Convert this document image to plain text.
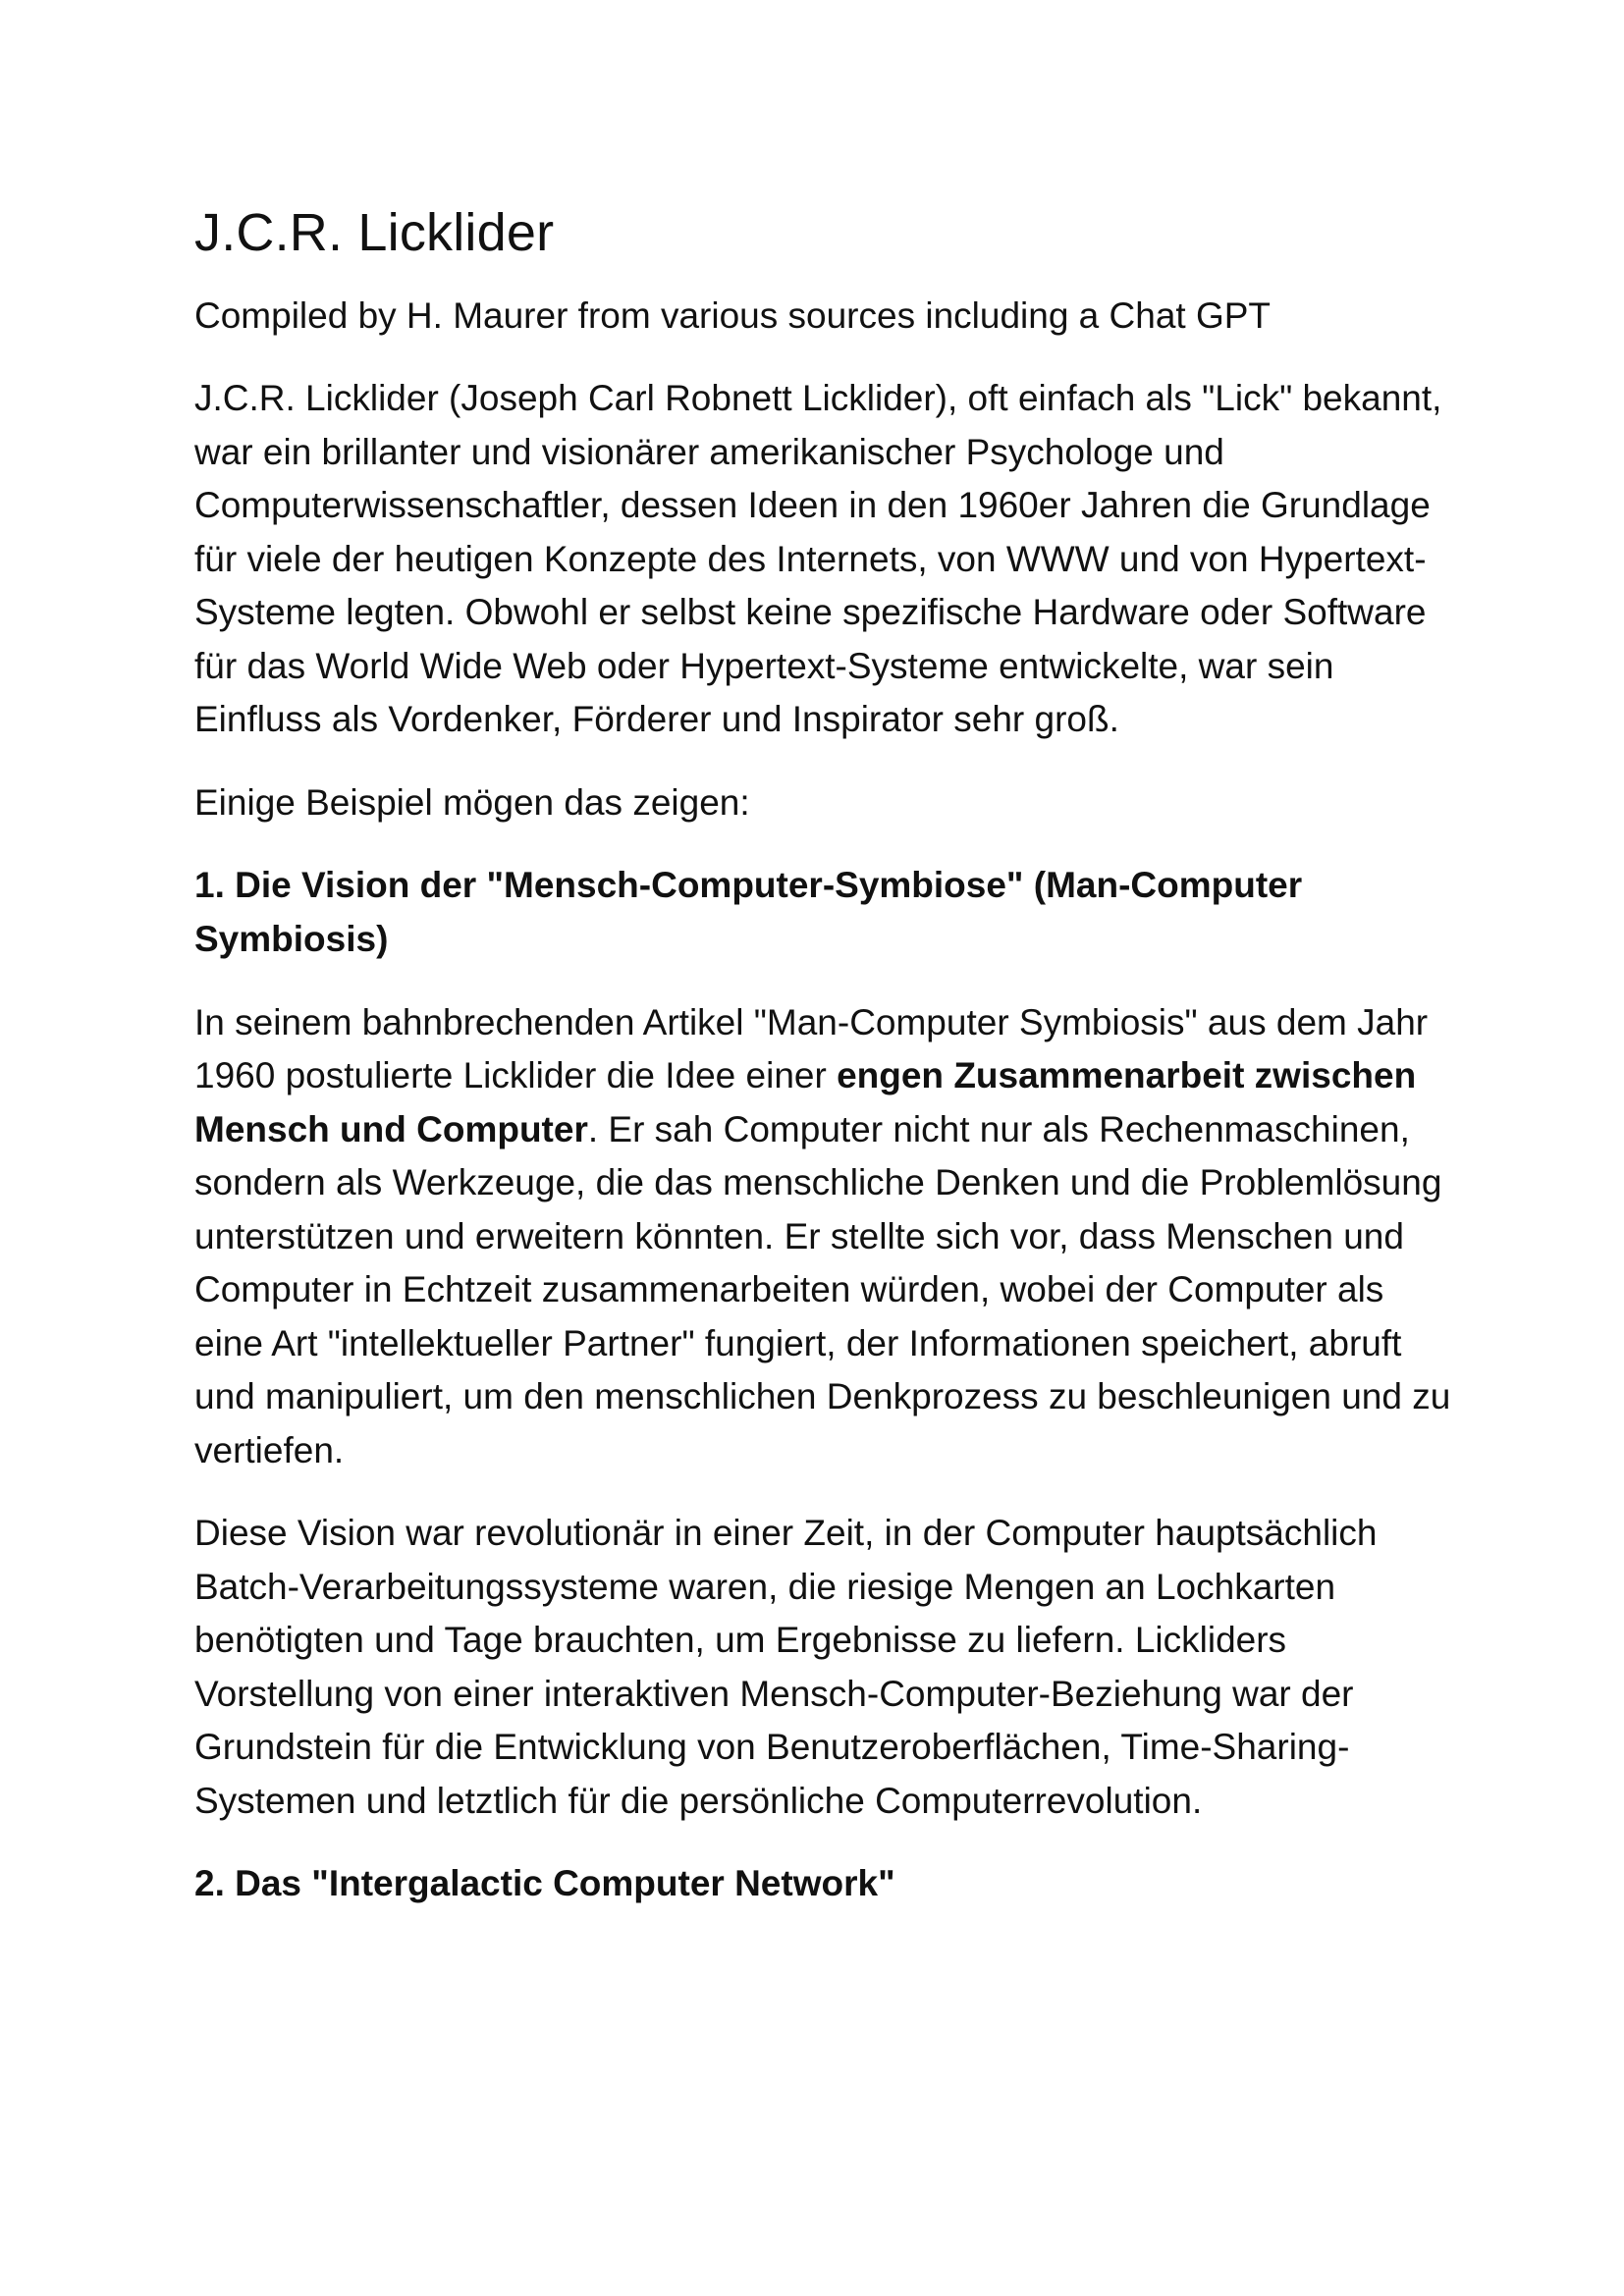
J.C.R. Licklider

Compiled by H. Maurer from various sources including a Chat GPT

J.C.R. Licklider (Joseph Carl Robnett Licklider), oft einfach als "Lick" bekannt, war ein brillanter und visionärer amerikanischer Psychologe und Computerwissenschaftler, dessen Ideen in den 1960er Jahren die Grundlage für viele der heutigen Konzepte des Internets, von WWW und von Hypertext-Systeme legten. Obwohl er selbst keine spezifische Hardware oder Software für das World Wide Web oder Hypertext-Systeme entwickelte, war sein Einfluss als Vordenker, Förderer und Inspirator sehr groß.

Einige Beispiel mögen das zeigen:

1. Die Vision der "Mensch-Computer-Symbiose" (Man-Computer Symbiosis)

In seinem bahnbrechenden Artikel "Man-Computer Symbiosis" aus dem Jahr 1960 postulierte Licklider die Idee einer engen Zusammenarbeit zwischen Mensch und Computer. Er sah Computer nicht nur als Rechenmaschinen, sondern als Werkzeuge, die das menschliche Denken und die Problemlösung unterstützen und erweitern könnten. Er stellte sich vor, dass Menschen und Computer in Echtzeit zusammenarbeiten würden, wobei der Computer als eine Art "intellektueller Partner" fungiert, der Informationen speichert, abruft und manipuliert, um den menschlichen Denkprozess zu beschleunigen und zu vertiefen.

Diese Vision war revolutionär in einer Zeit, in der Computer hauptsächlich Batch-Verarbeitungssysteme waren, die riesige Mengen an Lochkarten benötigten und Tage brauchten, um Ergebnisse zu liefern. Lickliders Vorstellung von einer interaktiven Mensch-Computer-Beziehung war der Grundstein für die Entwicklung von Benutzeroberflächen, Time-Sharing-Systemen und letztlich für die persönliche Computerrevolution.

2. Das "Intergalactic Computer Network"
